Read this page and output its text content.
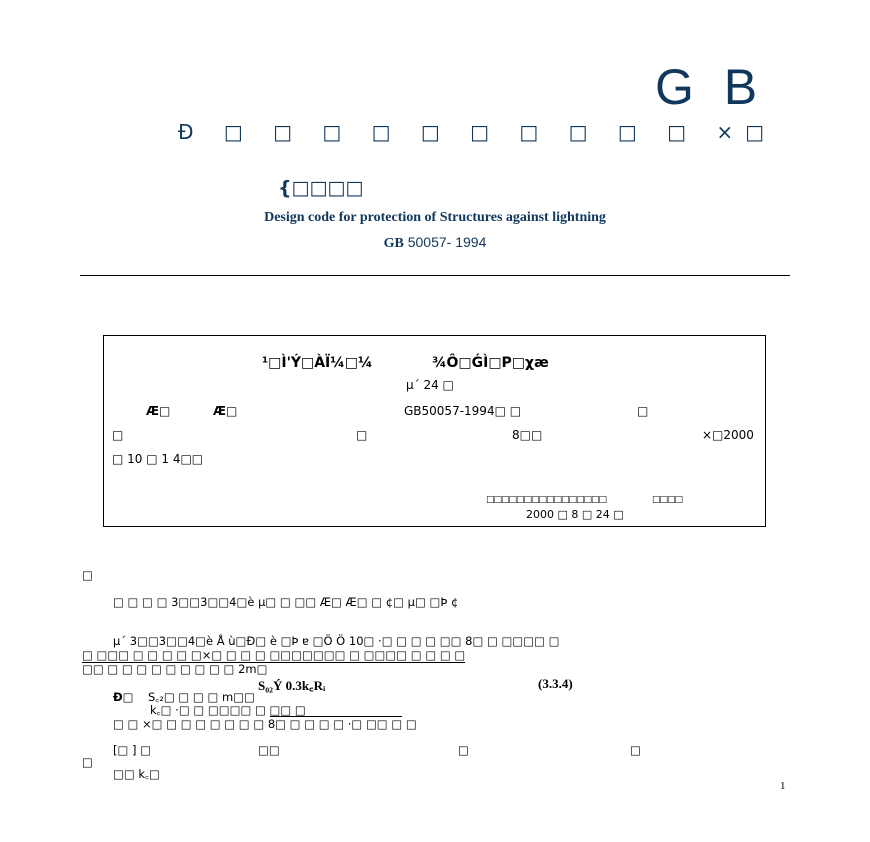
G B
Ð □ □ □ □ □ □ □ □ □ □ ×□
{□□□□
Design code for protection of Structures against lightning
GB 50057- 1994
¹□Ì'Ý□ÀÏ¼□¼	¾Ô□ǴÌ□P□χæ
µ´ 24 □
Æ□	Æ□	GB50057-1994□ □	□
□	□	8□□	×□2000
□ 10 □ 1 4□□
□□□□□□□□□□□□□□□□	□□□□
2000 □ 8 □ 24 □
□
□ □ □ □ 3□□3□□4□ѐ µ□ □ □□ Æ□ Æ□ □ ¢□ µ□ □Þ ¢
µ´ 3□□3□□4□ѐ Å ù□Ð□ è □Þ ɐ □Ö Ö 10□ ·□ □ □ □ □□ 8□ □ □□□□ □
□ □□□ □ □ □ □ □×□ □ □ □ □□□□□□□ □ □□□□ □ □ □ □
□□ □ □ □ □ □ □ □ □ □ 2m□
S₀₂Ý 0.3k꜀Rᵢ	(3.3.4)
Ð□ S꜀₂□ □ □ □ m□□
k꜀□ ·□ □ □□□□ □ □□ □
□ □ ×□ □ □ □ □ □ □ □ 8□ □ □ □ □ ·□ □□ □ □
[□ ] □	□□	□	□
□
□□ k꜀□
1
